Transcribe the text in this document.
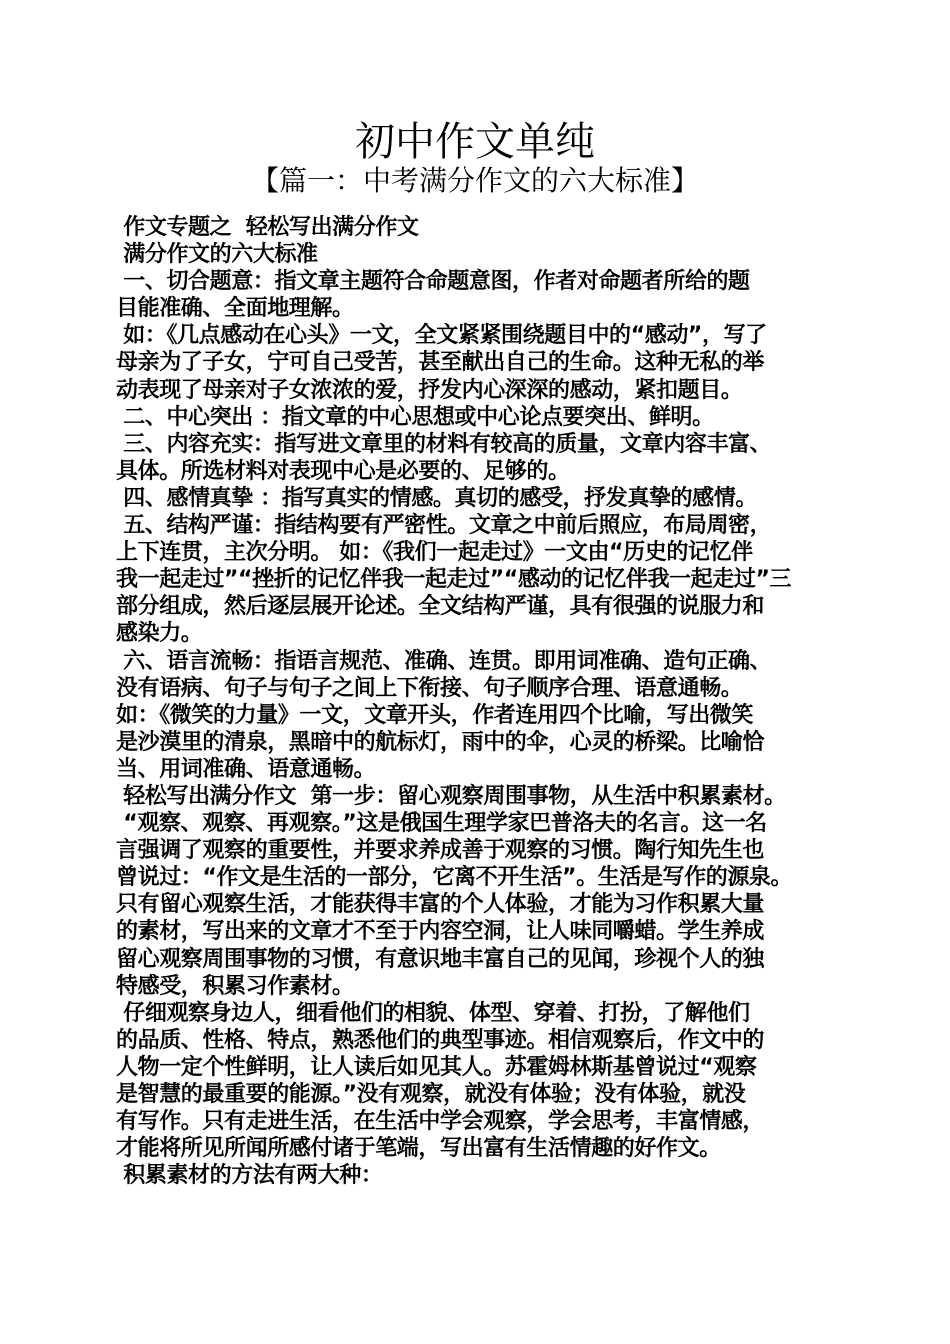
初中作文单纯
【篇一：中考满分作文的六大标准】
作文专题之  轻松写出满分作文
满分作文的六大标准
一、切合题意：指文章主题符合命题意图，作者对命题者所给的题
目能准确、全面地理解。
如：《几点感动在心头》一文，全文紧紧围绕题目中的“感动”，写了
母亲为了子女，宁可自己受苦，甚至献出自己的生命。这种无私的举
动表现了母亲对子女浓浓的爱，抒发内心深深的感动，紧扣题目。
二、中心突出 ：指文章的中心思想或中心论点要突出、鲜明。
三、内容充实：指写进文章里的材料有较高的质量，文章内容丰富、
具体。所选材料对表现中心是必要的、足够的。
四、感情真挚 ：指写真实的情感。真切的感受，抒发真挚的感情。
五、结构严谨：指结构要有严密性。文章之中前后照应，布局周密，
上下连贯，主次分明。 如：《我们一起走过》一文由“历史的记忆伴
我一起走过”“挫折的记忆伴我一起走过”“感动的记忆伴我一起走过”三
部分组成，然后逐层展开论述。全文结构严谨，具有很强的说服力和
感染力。
六、语言流畅：指语言规范、准确、连贯。即用词准确、造句正确、
没有语病、句子与句子之间上下衔接、句子顺序合理、语意通畅。
如：《微笑的力量》一文，文章开头，作者连用四个比喻，写出微笑
是沙漠里的清泉，黑暗中的航标灯，雨中的伞，心灵的桥梁。比喻恰
当、用词准确、语意通畅。
轻松写出满分作文  第一步：留心观察周围事物，从生活中积累素材。
“观察、观察、再观察。”这是俄国生理学家巴普洛夫的名言。这一名
言强调了观察的重要性，并要求养成善于观察的习惯。陶行知先生也
曾说过：“作文是生活的一部分，它离不开生活”。生活是写作的源泉。
只有留心观察生活，才能获得丰富的个人体验，才能为习作积累大量
的素材，写出来的文章才不至于内容空洞，让人味同嚼蜡。学生养成
留心观察周围事物的习惯，有意识地丰富自己的见闻，珍视个人的独
特感受，积累习作素材。
仔细观察身边人，细看他们的相貌、体型、穿着、打扮，了解他们
的品质、性格、特点，熟悉他们的典型事迹。相信观察后，作文中的
人物一定个性鲜明，让人读后如见其人。苏霍姆林斯基曾说过“观察
是智慧的最重要的能源。”没有观察，就没有体验；没有体验，就没
有写作。只有走进生活，在生活中学会观察，学会思考，丰富情感，
才能将所见所闻所感付诸于笔端，写出富有生活情趣的好作文。
积累素材的方法有两大种：
